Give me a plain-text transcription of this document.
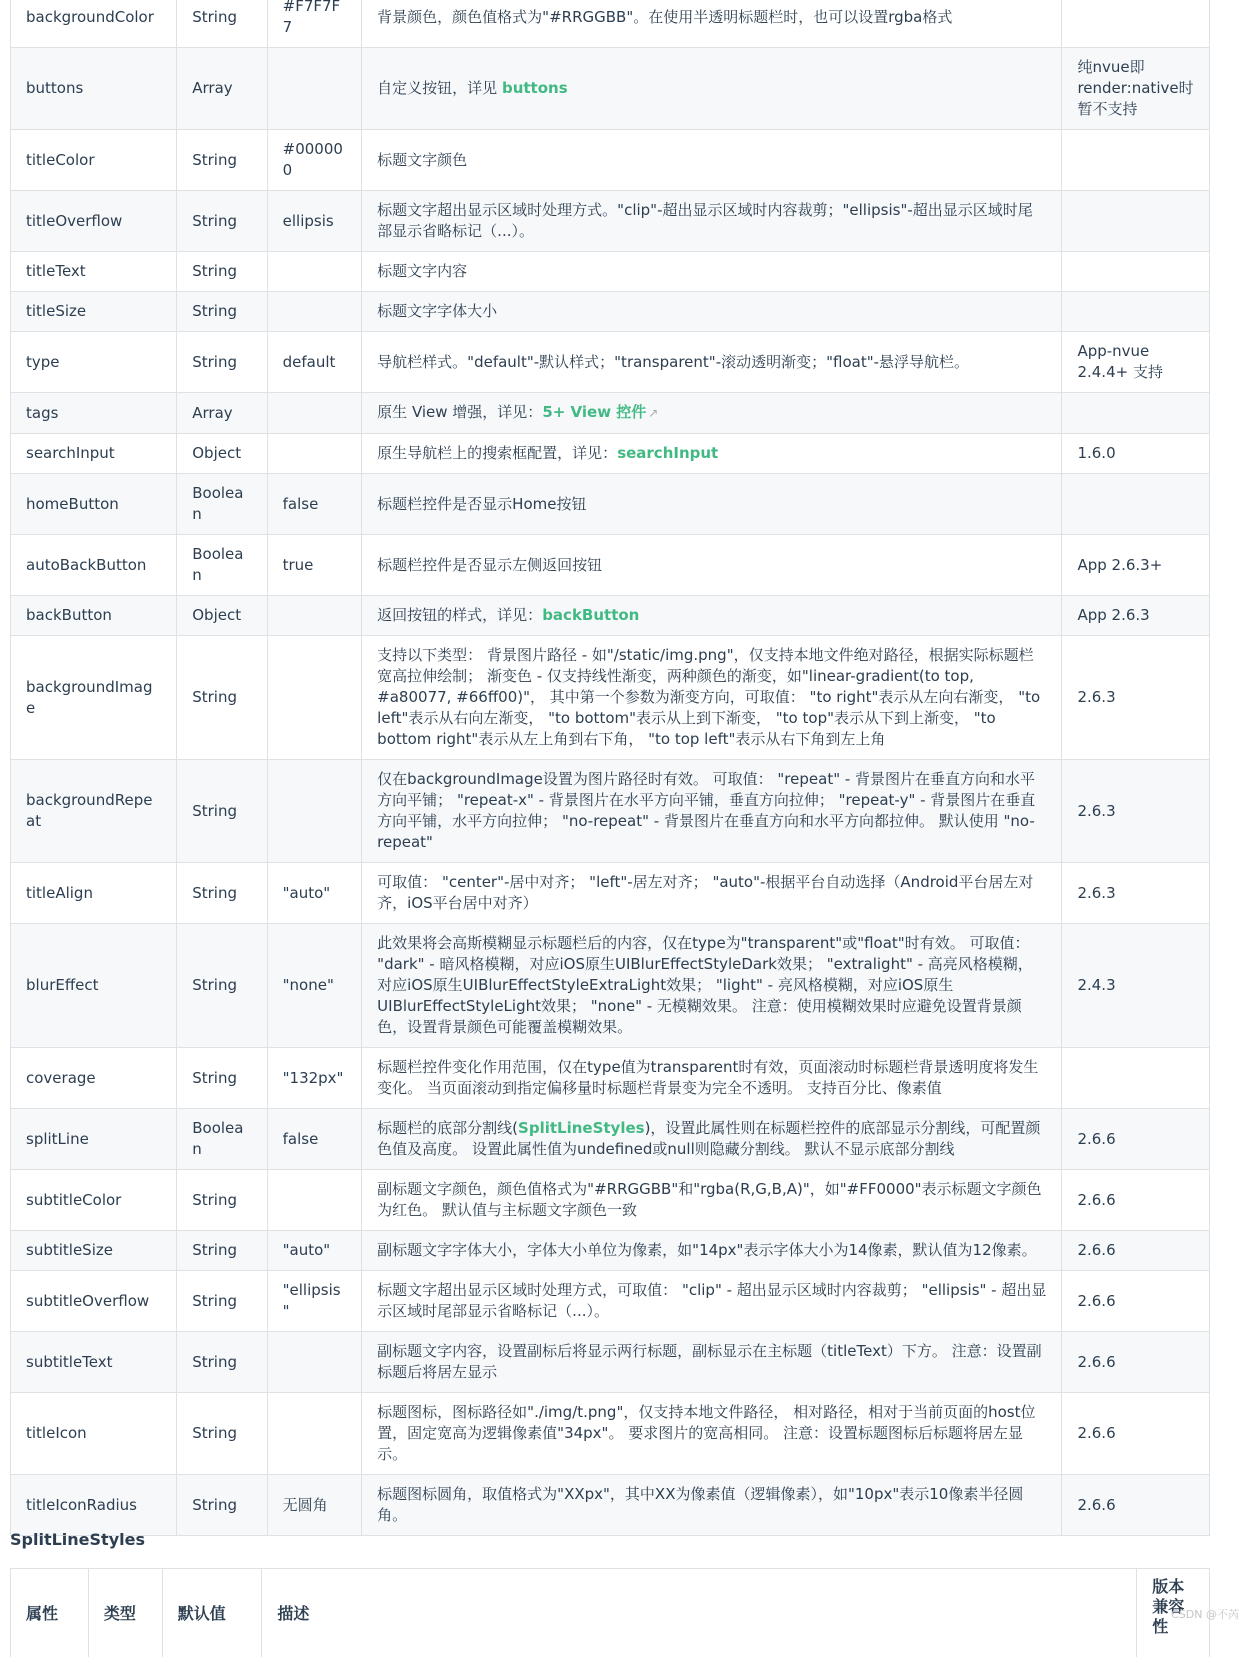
backgroundColor	String	#F7F7F7	背景颜色，颜色值格式为"#RRGGBB"。在使用半透明标题栏时，也可以设置rgba格式	
buttons	Array		自定义按钮，详见 buttons	纯nvue即render:native时暂不支持
titleColor	String	#000000	标题文字颜色	
titleOverflow	String	ellipsis	标题文字超出显示区域时处理方式。"clip"-超出显示区域时内容裁剪；"ellipsis"-超出显示区域时尾部显示省略标记（...）。	
titleText	String		标题文字内容	
titleSize	String		标题文字字体大小	
type	String	default	导航栏样式。"default"-默认样式；"transparent"-滚动透明渐变；"float"-悬浮导航栏。	App-nvue 2.4.4+ 支持
tags	Array		原生 View 增强，详见：5+ View 控件 ↗	
searchInput	Object		原生导航栏上的搜索框配置，详见：searchInput	1.6.0
homeButton	Boolean	false	标题栏控件是否显示Home按钮	
autoBackButton	Boolean	true	标题栏控件是否显示左侧返回按钮	App 2.6.3+
backButton	Object		返回按钮的样式，详见：backButton	App 2.6.3
backgroundImage	String		支持以下类型： 背景图片路径 - 如"/static/img.png"，仅支持本地文件绝对路径，根据实际标题栏宽高拉伸绘制； 渐变色 - 仅支持线性渐变，两种颜色的渐变，如"linear-gradient(to top, #a80077, #66ff00)"， 其中第一个参数为渐变方向，可取值： "to right"表示从左向右渐变， "to left"表示从右向左渐变， "to bottom"表示从上到下渐变， "to top"表示从下到上渐变， "to bottom right"表示从左上角到右下角， "to top left"表示从右下角到左上角	2.6.3
backgroundRepeat	String		仅在backgroundImage设置为图片路径时有效。 可取值： "repeat" - 背景图片在垂直方向和水平方向平铺； "repeat-x" - 背景图片在水平方向平铺，垂直方向拉伸； "repeat-y" - 背景图片在垂直方向平铺，水平方向拉伸； "no-repeat" - 背景图片在垂直方向和水平方向都拉伸。 默认使用 "no-repeat"	2.6.3
titleAlign	String	"auto"	可取值： "center"-居中对齐； "left"-居左对齐； "auto"-根据平台自动选择（Android平台居左对齐，iOS平台居中对齐）	2.6.3
blurEffect	String	"none"	此效果将会高斯模糊显示标题栏后的内容，仅在type为"transparent"或"float"时有效。 可取值： "dark" - 暗风格模糊，对应iOS原生UIBlurEffectStyleDark效果； "extralight" - 高亮风格模糊，对应iOS原生UIBlurEffectStyleExtraLight效果； "light" - 亮风格模糊，对应iOS原生UIBlurEffectStyleLight效果； "none" - 无模糊效果。 注意：使用模糊效果时应避免设置背景颜色，设置背景颜色可能覆盖模糊效果。	2.4.3
coverage	String	"132px"	标题栏控件变化作用范围，仅在type值为transparent时有效，页面滚动时标题栏背景透明度将发生变化。 当页面滚动到指定偏移量时标题栏背景变为完全不透明。 支持百分比、像素值	
splitLine	Boolean	false	标题栏的底部分割线(SplitLineStyles)，设置此属性则在标题栏控件的底部显示分割线，可配置颜色值及高度。 设置此属性值为undefined或null则隐藏分割线。 默认不显示底部分割线	2.6.6
subtitleColor	String		副标题文字颜色，颜色值格式为"#RRGGBB"和"rgba(R,G,B,A)"，如"#FF0000"表示标题文字颜色为红色。 默认值与主标题文字颜色一致	2.6.6
subtitleSize	String	"auto"	副标题文字字体大小，字体大小单位为像素，如"14px"表示字体大小为14像素，默认值为12像素。	2.6.6
subtitleOverflow	String	"ellipsis"	标题文字超出显示区域时处理方式，可取值： "clip" - 超出显示区域时内容裁剪； "ellipsis" - 超出显示区域时尾部显示省略标记（...）。	2.6.6
subtitleText	String		副标题文字内容，设置副标后将显示两行标题，副标显示在主标题（titleText）下方。 注意：设置副标题后将居左显示	2.6.6
titleIcon	String		标题图标，图标路径如"./img/t.png"，仅支持本地文件路径， 相对路径，相对于当前页面的host位置，固定宽高为逻辑像素值"34px"。 要求图片的宽高相同。 注意：设置标题图标后标题将居左显示。	2.6.6
titleIconRadius	String	无圆角	标题图标圆角，取值格式为"XXpx"，其中XX为像素值（逻辑像素），如"10px"表示10像素半径圆角。	2.6.6
SplitLineStyles
属性	类型	默认值	描述	版本兼容性
CSDN @不芮
